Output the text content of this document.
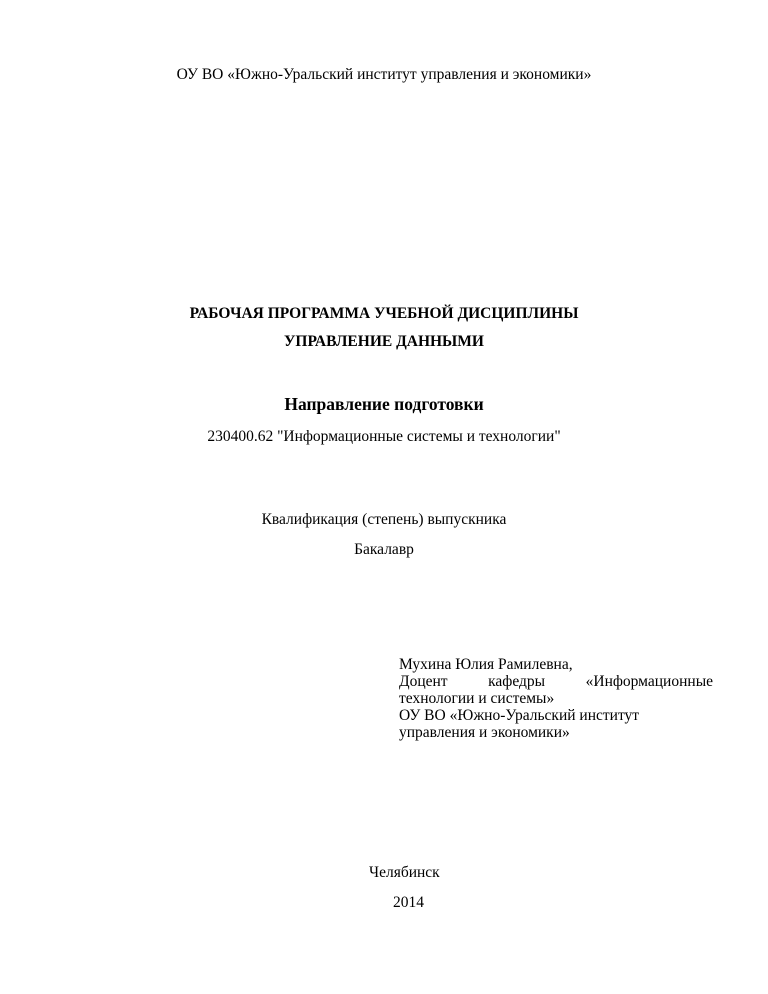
ОУ ВО «Южно-Уральский институт управления и экономики»
РАБОЧАЯ ПРОГРАММА УЧЕБНОЙ ДИСЦИПЛИНЫ
УПРАВЛЕНИЕ ДАННЫМИ
Направление подготовки
230400.62 "Информационные системы и технологии"
Квалификация (степень) выпускника
Бакалавр
Мухина Юлия Рамилевна,
Доцент кафедры «Информационные
технологии и системы»
ОУ ВО «Южно-Уральский институт
управления и экономики»
Челябинск
2014
